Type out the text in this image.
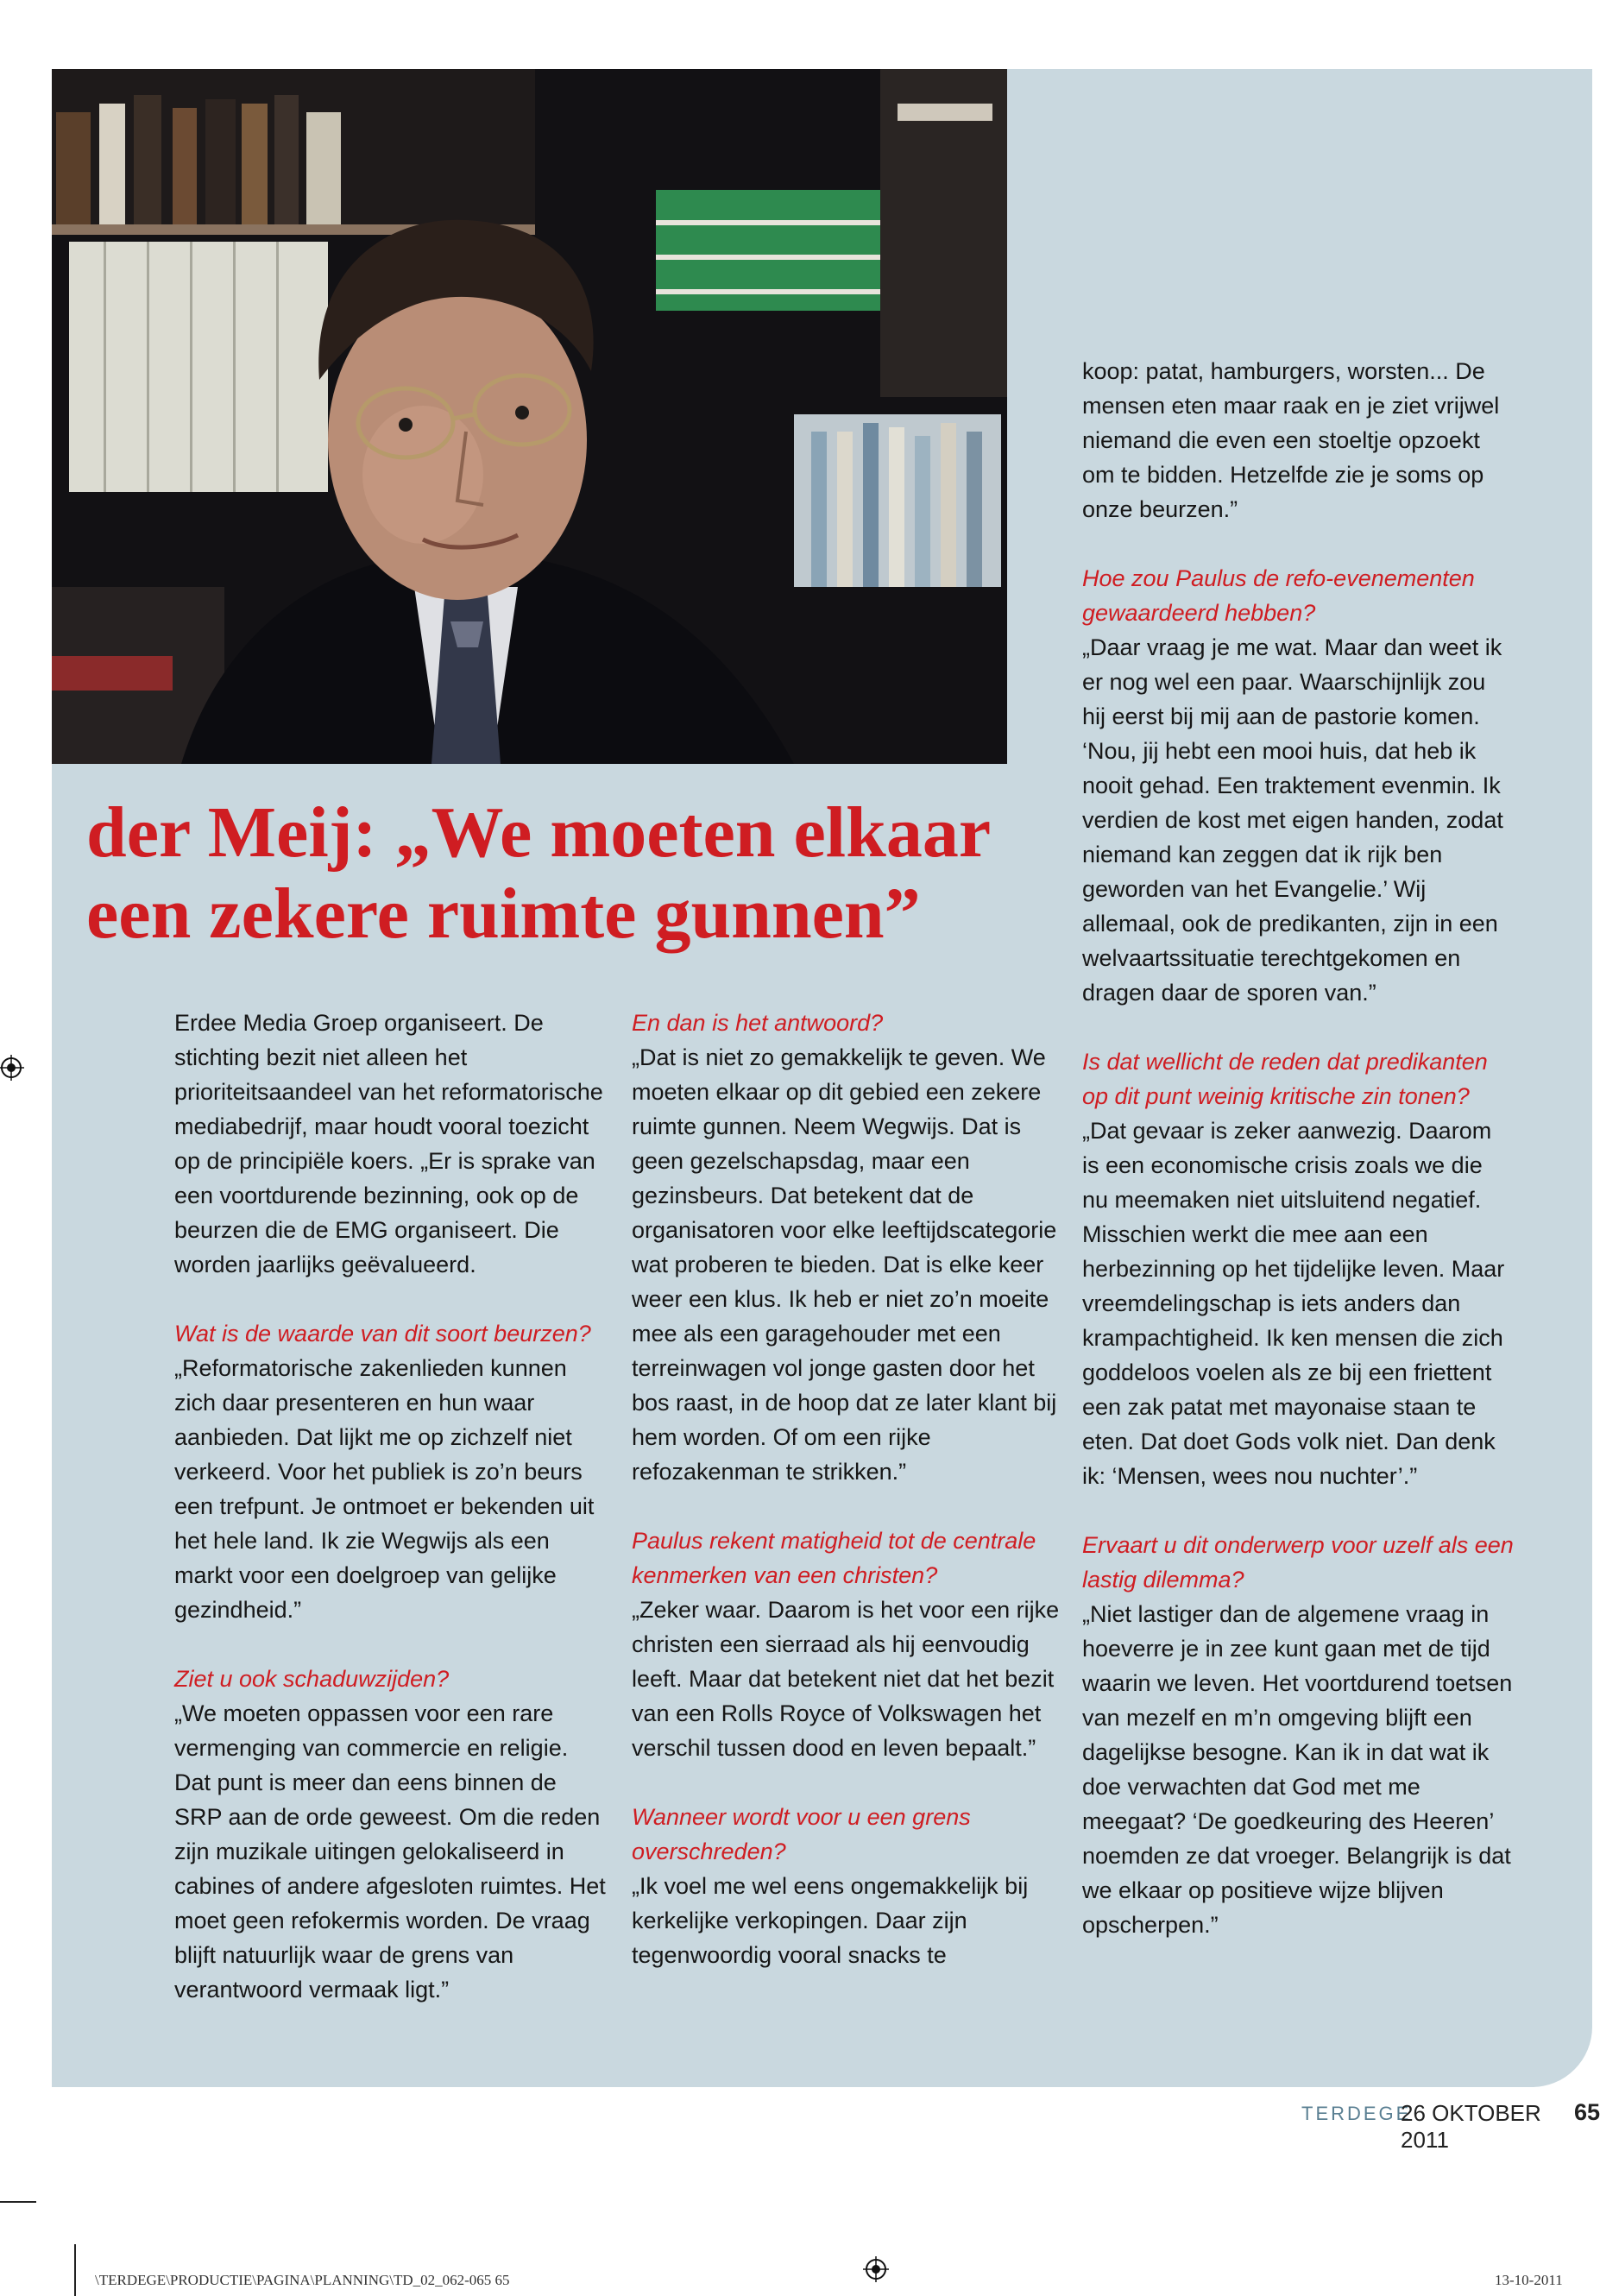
der Meij: „We moeten elkaar
een zekere ruimte gunnen”

Erdee Media Groep organiseert. De stichting bezit niet alleen het prioriteitsaandeel van het reformatorische mediabedrijf, maar houdt vooral toezicht op de principiële koers. „Er is sprake van een voortdurende bezinning, ook op de beurzen die de EMG organiseert. Die worden jaarlijks geëvalueerd.

Wat is de waarde van dit soort beurzen?
„Reformatorische zakenlieden kunnen zich daar presenteren en hun waar aanbieden. Dat lijkt me op zichzelf niet verkeerd. Voor het publiek is zo’n beurs een trefpunt. Je ontmoet er bekenden uit het hele land. Ik zie Wegwijs als een markt voor een doelgroep van gelijke gezindheid.”

Ziet u ook schaduwzijden?
„We moeten oppassen voor een rare vermenging van commercie en religie. Dat punt is meer dan eens binnen de SRP aan de orde geweest. Om die reden zijn muzikale uitingen gelokaliseerd in cabines of andere afgesloten ruimtes. Het moet geen refokermis worden. De vraag blijft natuurlijk waar de grens van verantwoord vermaak ligt.”

En dan is het antwoord?
„Dat is niet zo gemakkelijk te geven. We moeten elkaar op dit gebied een zekere ruimte gunnen. Neem Wegwijs. Dat is geen gezelschapsdag, maar een gezinsbeurs. Dat betekent dat de organisatoren voor elke leeftijdscategorie wat proberen te bieden. Dat is elke keer weer een klus. Ik heb er niet zo’n moeite mee als een garagehouder met een terreinwagen vol jonge gasten door het bos raast, in de hoop dat ze later klant bij hem worden. Of om een rijke refozakenman te strikken.”

Paulus rekent matigheid tot de centrale kenmerken van een christen?
„Zeker waar. Daarom is het voor een rijke christen een sierraad als hij eenvoudig leeft. Maar dat betekent niet dat het bezit van een Rolls Royce of Volkswagen het verschil tussen dood en leven bepaalt.”

Wanneer wordt voor u een grens overschreden?
„Ik voel me wel eens ongemakkelijk bij kerkelijke verkopingen. Daar zijn tegenwoordig vooral snacks te

koop: patat, hamburgers, worsten... De mensen eten maar raak en je ziet vrijwel niemand die even een stoeltje opzoekt om te bidden. Hetzelfde zie je soms op onze beurzen.”

Hoe zou Paulus de refo-evenementen gewaardeerd hebben?
„Daar vraag je me wat. Maar dan weet ik er nog wel een paar. Waarschijnlijk zou hij eerst bij mij aan de pastorie komen. ‘Nou, jij hebt een mooi huis, dat heb ik nooit gehad. Een traktement evenmin. Ik verdien de kost met eigen handen, zodat niemand kan zeggen dat ik rijk ben geworden van het Evangelie.’ Wij allemaal, ook de predikanten, zijn in een welvaartssituatie terechtgekomen en dragen daar de sporen van.”

Is dat wellicht de reden dat predikanten op dit punt weinig kritische zin tonen?
„Dat gevaar is zeker aanwezig. Daarom is een economische crisis zoals we die nu meemaken niet uitsluitend negatief. Misschien werkt die mee aan een herbezinning op het tijdelijke leven. Maar vreemdelingschap is iets anders dan krampachtigheid. Ik ken mensen die zich goddeloos voelen als ze bij een friettent een zak patat met mayonaise staan te eten. Dat doet Gods volk niet. Dan denk ik: ‘Mensen, wees nou nuchter’.”

Ervaart u dit onderwerp voor uzelf als een lastig dilemma?
„Niet lastiger dan de algemene vraag in hoeverre je in zee kunt gaan met de tijd waarin we leven. Het voortdurend toetsen van mezelf en m’n omgeving blijft een dagelijkse besogne. Kan ik in dat wat ik doe verwachten dat God met me meegaat? ‘De goedkeuring des Heeren’ noemden ze dat vroeger. Belangrijk is dat we elkaar op positieve wijze blijven opscherpen.”

TERDEGE
26 OKTOBER 2011
65
\TERDEGE\PRODUCTIE\PAGINA\PLANNING\TD_02_062-065 65	13-10-2011
